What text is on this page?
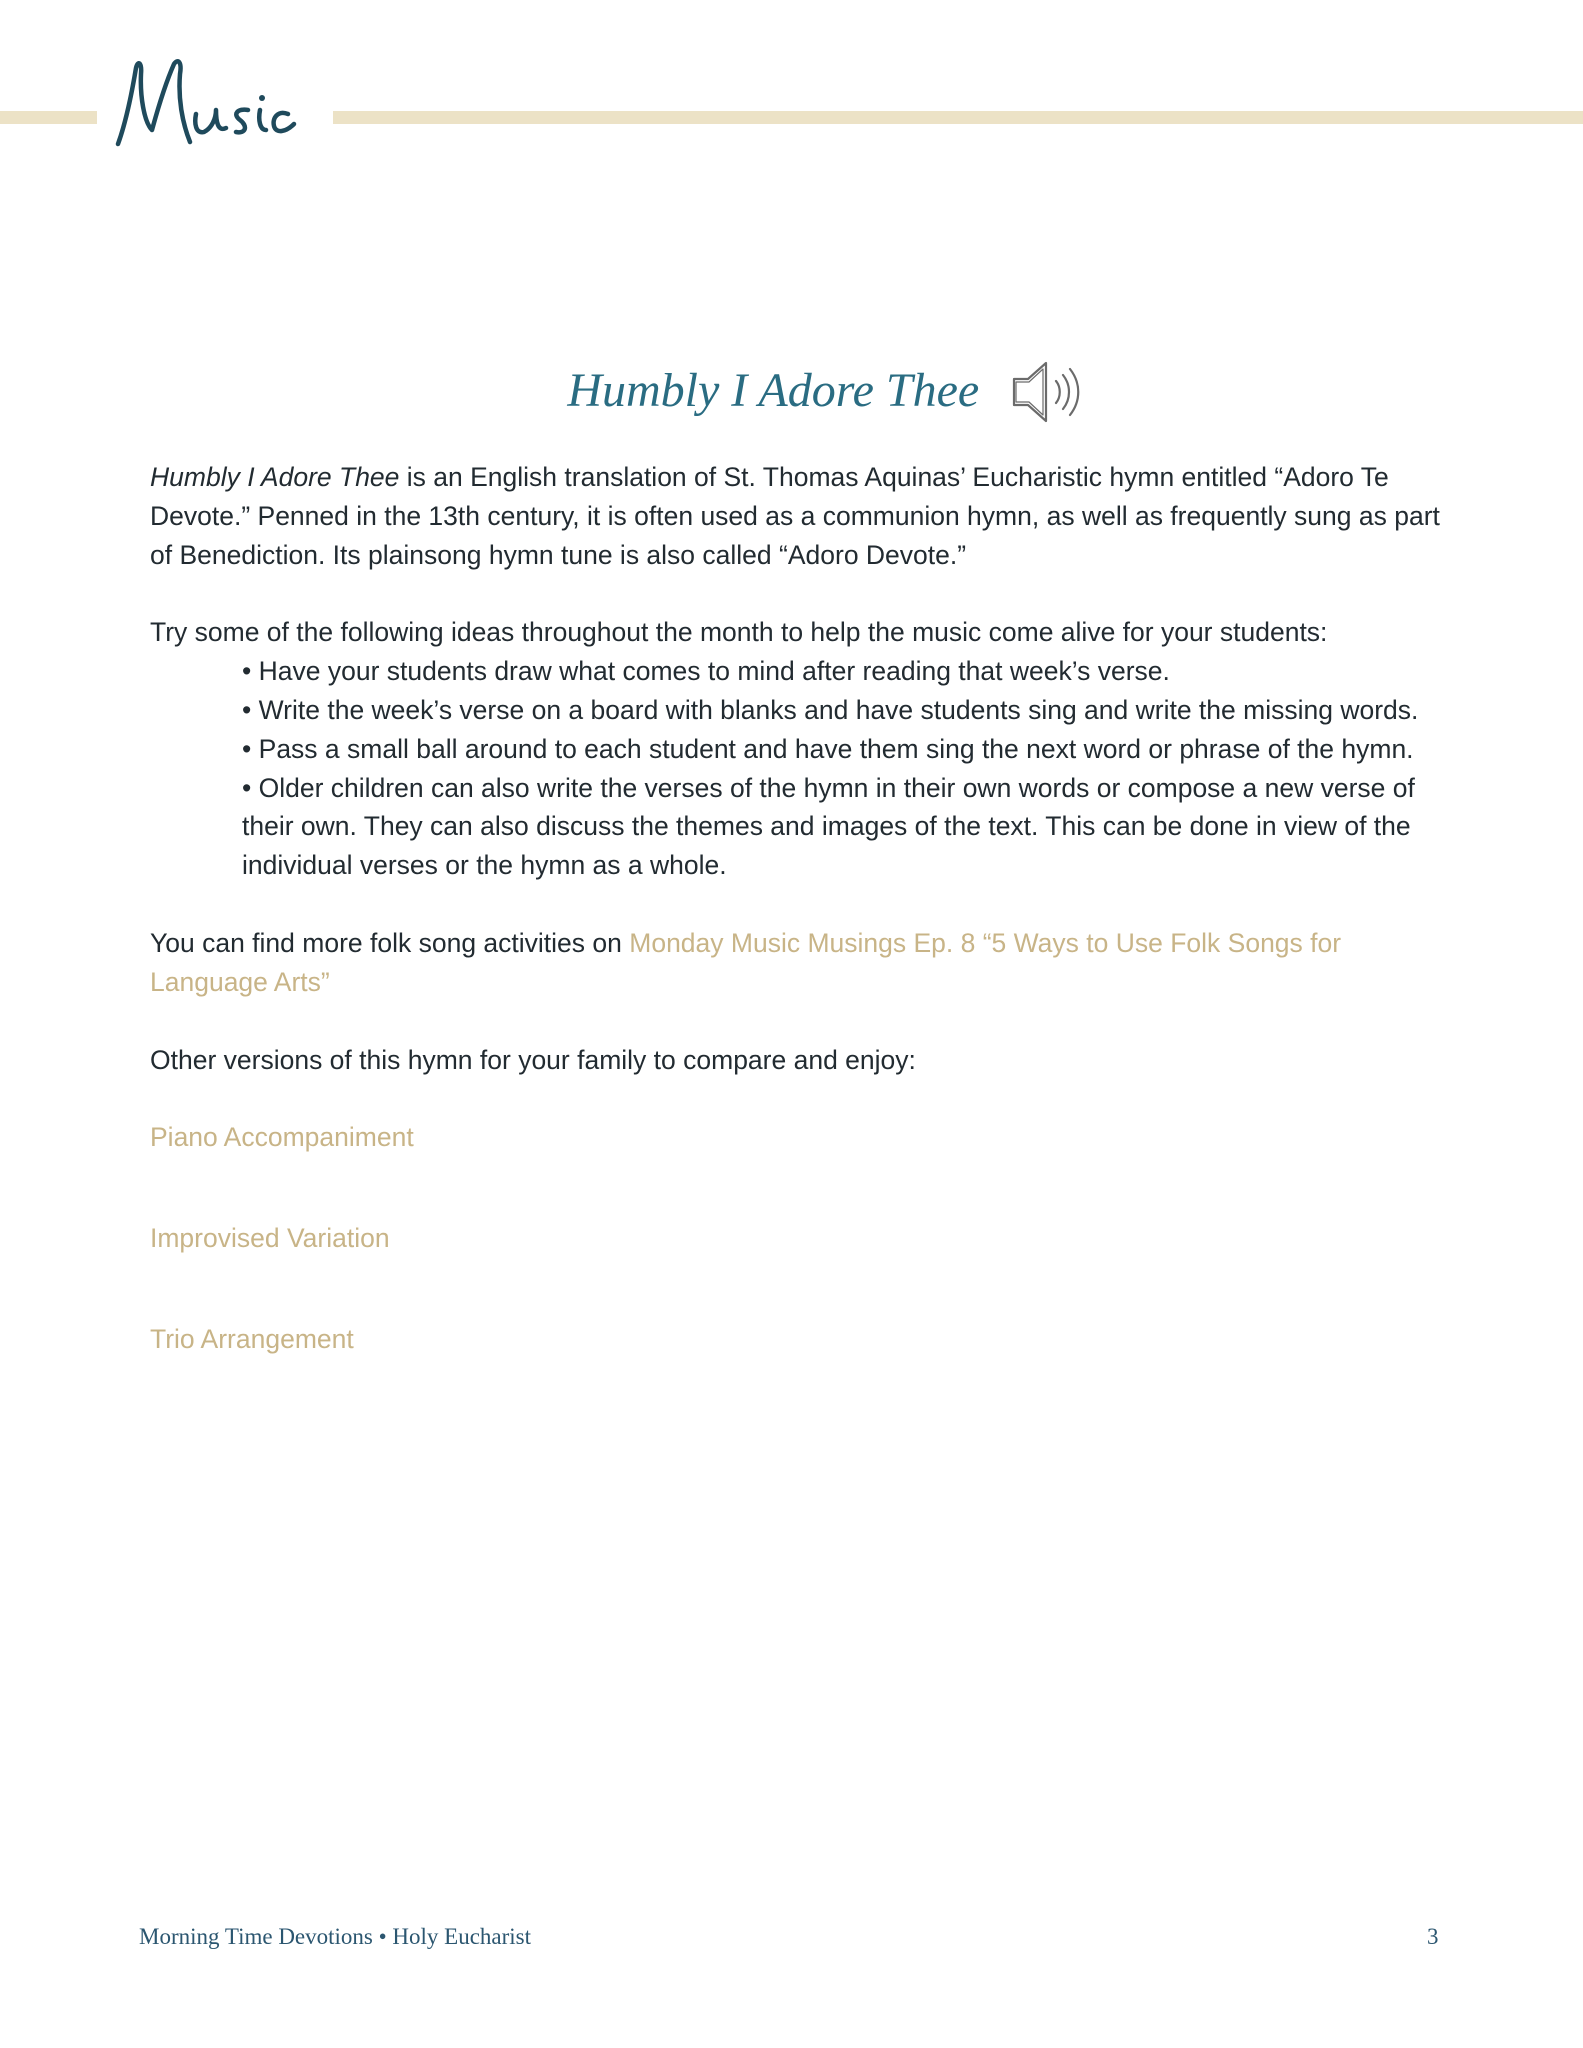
Humbly I Adore Thee

Humbly I Adore Thee is an English translation of St. Thomas Aquinas’ Eucharistic hymn entitled “Adoro Te Devote.” Penned in the 13th century, it is often used as a communion hymn, as well as frequently sung as part of Benediction. Its plainsong hymn tune is also called “Adoro Devote.”

Try some of the following ideas throughout the month to help the music come alive for your students:

• Have your students draw what comes to mind after reading that week’s verse.
• Write the week’s verse on a board with blanks and have students sing and write the missing words.
• Pass a small ball around to each student and have them sing the next word or phrase of the hymn.
• Older children can also write the verses of the hymn in their own words or compose a new verse of their own. They can also discuss the themes and images of the text. This can be done in view of the individual verses or the hymn as a whole.

You can find more folk song activities on Monday Music Musings Ep. 8 “5 Ways to Use Folk Songs for Language Arts”

Other versions of this hymn for your family to compare and enjoy:

Piano Accompaniment

Improvised Variation

Trio Arrangement

Morning Time Devotions • Holy Eucharist	3
